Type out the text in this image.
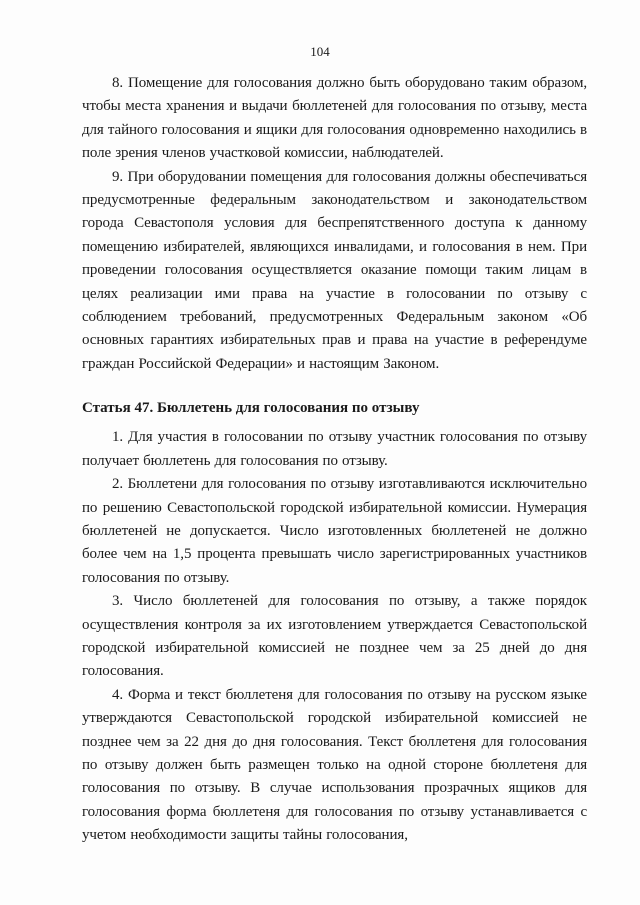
104

8. Помещение для голосования должно быть оборудовано таким образом, чтобы места хранения и выдачи бюллетеней для голосования по отзыву, места для тайного голосования и ящики для голосования одновременно находились в поле зрения членов участковой комиссии, наблюдателей.

9. При оборудовании помещения для голосования должны обеспечиваться предусмотренные федеральным законодательством и законодательством города Севастополя условия для беспрепятственного доступа к данному помещению избирателей, являющихся инвалидами, и голосования в нем. При проведении голосования осуществляется оказание помощи таким лицам в целях реализации ими права на участие в голосовании по отзыву с соблюдением требований, предусмотренных Федеральным законом «Об основных гарантиях избирательных прав и права на участие в референдуме граждан Российской Федерации» и настоящим Законом.

Статья 47. Бюллетень для голосования по отзыву

1. Для участия в голосовании по отзыву участник голосования по отзыву получает бюллетень для голосования по отзыву.

2. Бюллетени для голосования по отзыву изготавливаются исключительно по решению Севастопольской городской избирательной комиссии. Нумерация бюллетеней не допускается. Число изготовленных бюллетеней не должно более чем на 1,5 процента превышать число зарегистрированных участников голосования по отзыву.

3. Число бюллетеней для голосования по отзыву, а также порядок осуществления контроля за их изготовлением утверждается Севастопольской городской избирательной комиссией не позднее чем за 25 дней до дня голосования.

4. Форма и текст бюллетеня для голосования по отзыву на русском языке утверждаются Севастопольской городской избирательной комиссией не позднее чем за 22 дня до дня голосования. Текст бюллетеня для голосования по отзыву должен быть размещен только на одной стороне бюллетеня для голосования по отзыву. В случае использования прозрачных ящиков для голосования форма бюллетеня для голосования по отзыву устанавливается с учетом необходимости защиты тайны голосования,
